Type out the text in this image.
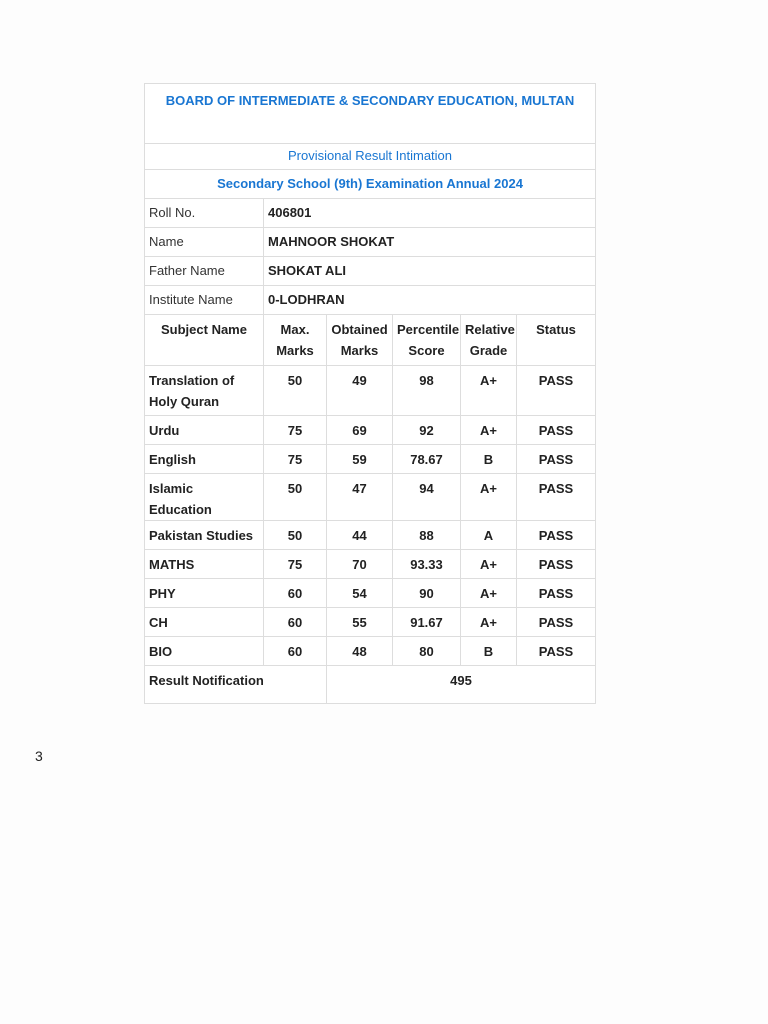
BOARD OF INTERMEDIATE & SECONDARY EDUCATION, MULTAN					
Provisional Result Intimation					
Secondary School (9th) Examination Annual 2024					
Roll No.	406801				
Name	MAHNOOR SHOKAT				
Father Name	SHOKAT ALI				
Institute Name	0-LODHRAN				
Subject Name	Max. Marks	Obtained Marks	Percentile Score	Relative Grade	Status
Translation of Holy Quran	50	49	98	A+	PASS
Urdu	75	69	92	A+	PASS
English	75	59	78.67	B	PASS
Islamic Education	50	47	94	A+	PASS
Pakistan Studies	50	44	88	A	PASS
MATHS	75	70	93.33	A+	PASS
PHY	60	54	90	A+	PASS
CH	60	55	91.67	A+	PASS
BIO	60	48	80	B	PASS
Result Notification		495			
3
